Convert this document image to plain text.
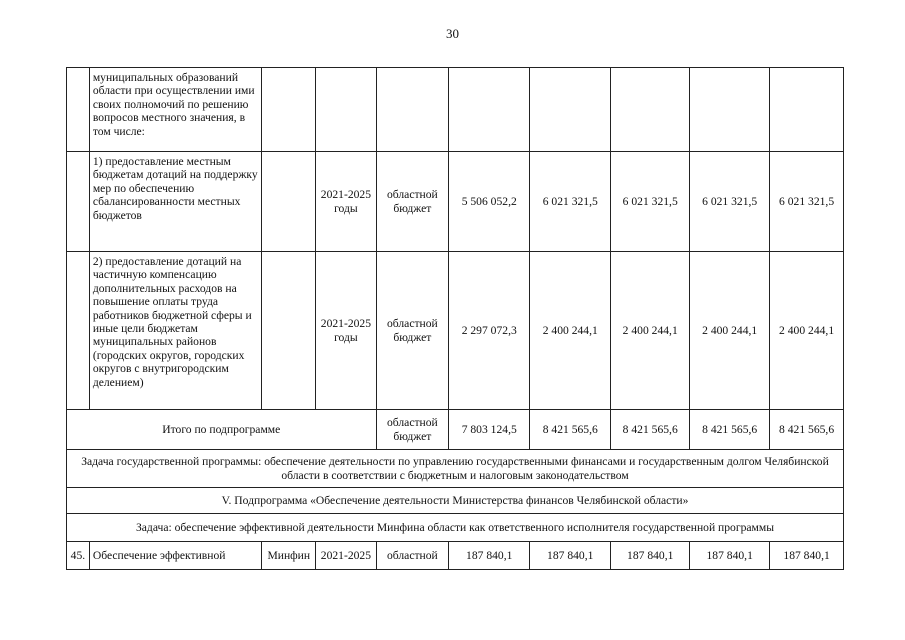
30
	муниципальных образований области при осуществлении ими своих полномочий по решению вопросов местного значения, в том числе:								
	1) предоставление местным бюджетам дотаций на поддержку мер по обеспечению сбалансированности местных бюджетов		2021-2025 годы	областной бюджет	5 506 052,2	6 021 321,5	6 021 321,5	6 021 321,5	6 021 321,5
	2) предоставление дотаций на частичную компенсацию дополнительных расходов на повышение оплаты труда работников бюджетной сферы и иные цели бюджетам муниципальных районов (городских округов, городских округов с внутригородским делением)		2021-2025 годы	областной бюджет	2 297 072,3	2 400 244,1	2 400 244,1	2 400 244,1	2 400 244,1
Итого по подпрограмме				областной бюджет	7 803 124,5	8 421 565,6	8 421 565,6	8 421 565,6	8 421 565,6
Задача государственной программы: обеспечение деятельности по управлению государственными финансами и государственным долгом Челябинской области в соответствии с бюджетным и налоговым законодательством									
V. Подпрограмма «Обеспечение деятельности Министерства финансов Челябинской области»									
Задача: обеспечение эффективной деятельности Минфина области как ответственного исполнителя государственной программы									
45.	Обеспечение эффективной	Минфин	2021-2025	областной	187 840,1	187 840,1	187 840,1	187 840,1	187 840,1
